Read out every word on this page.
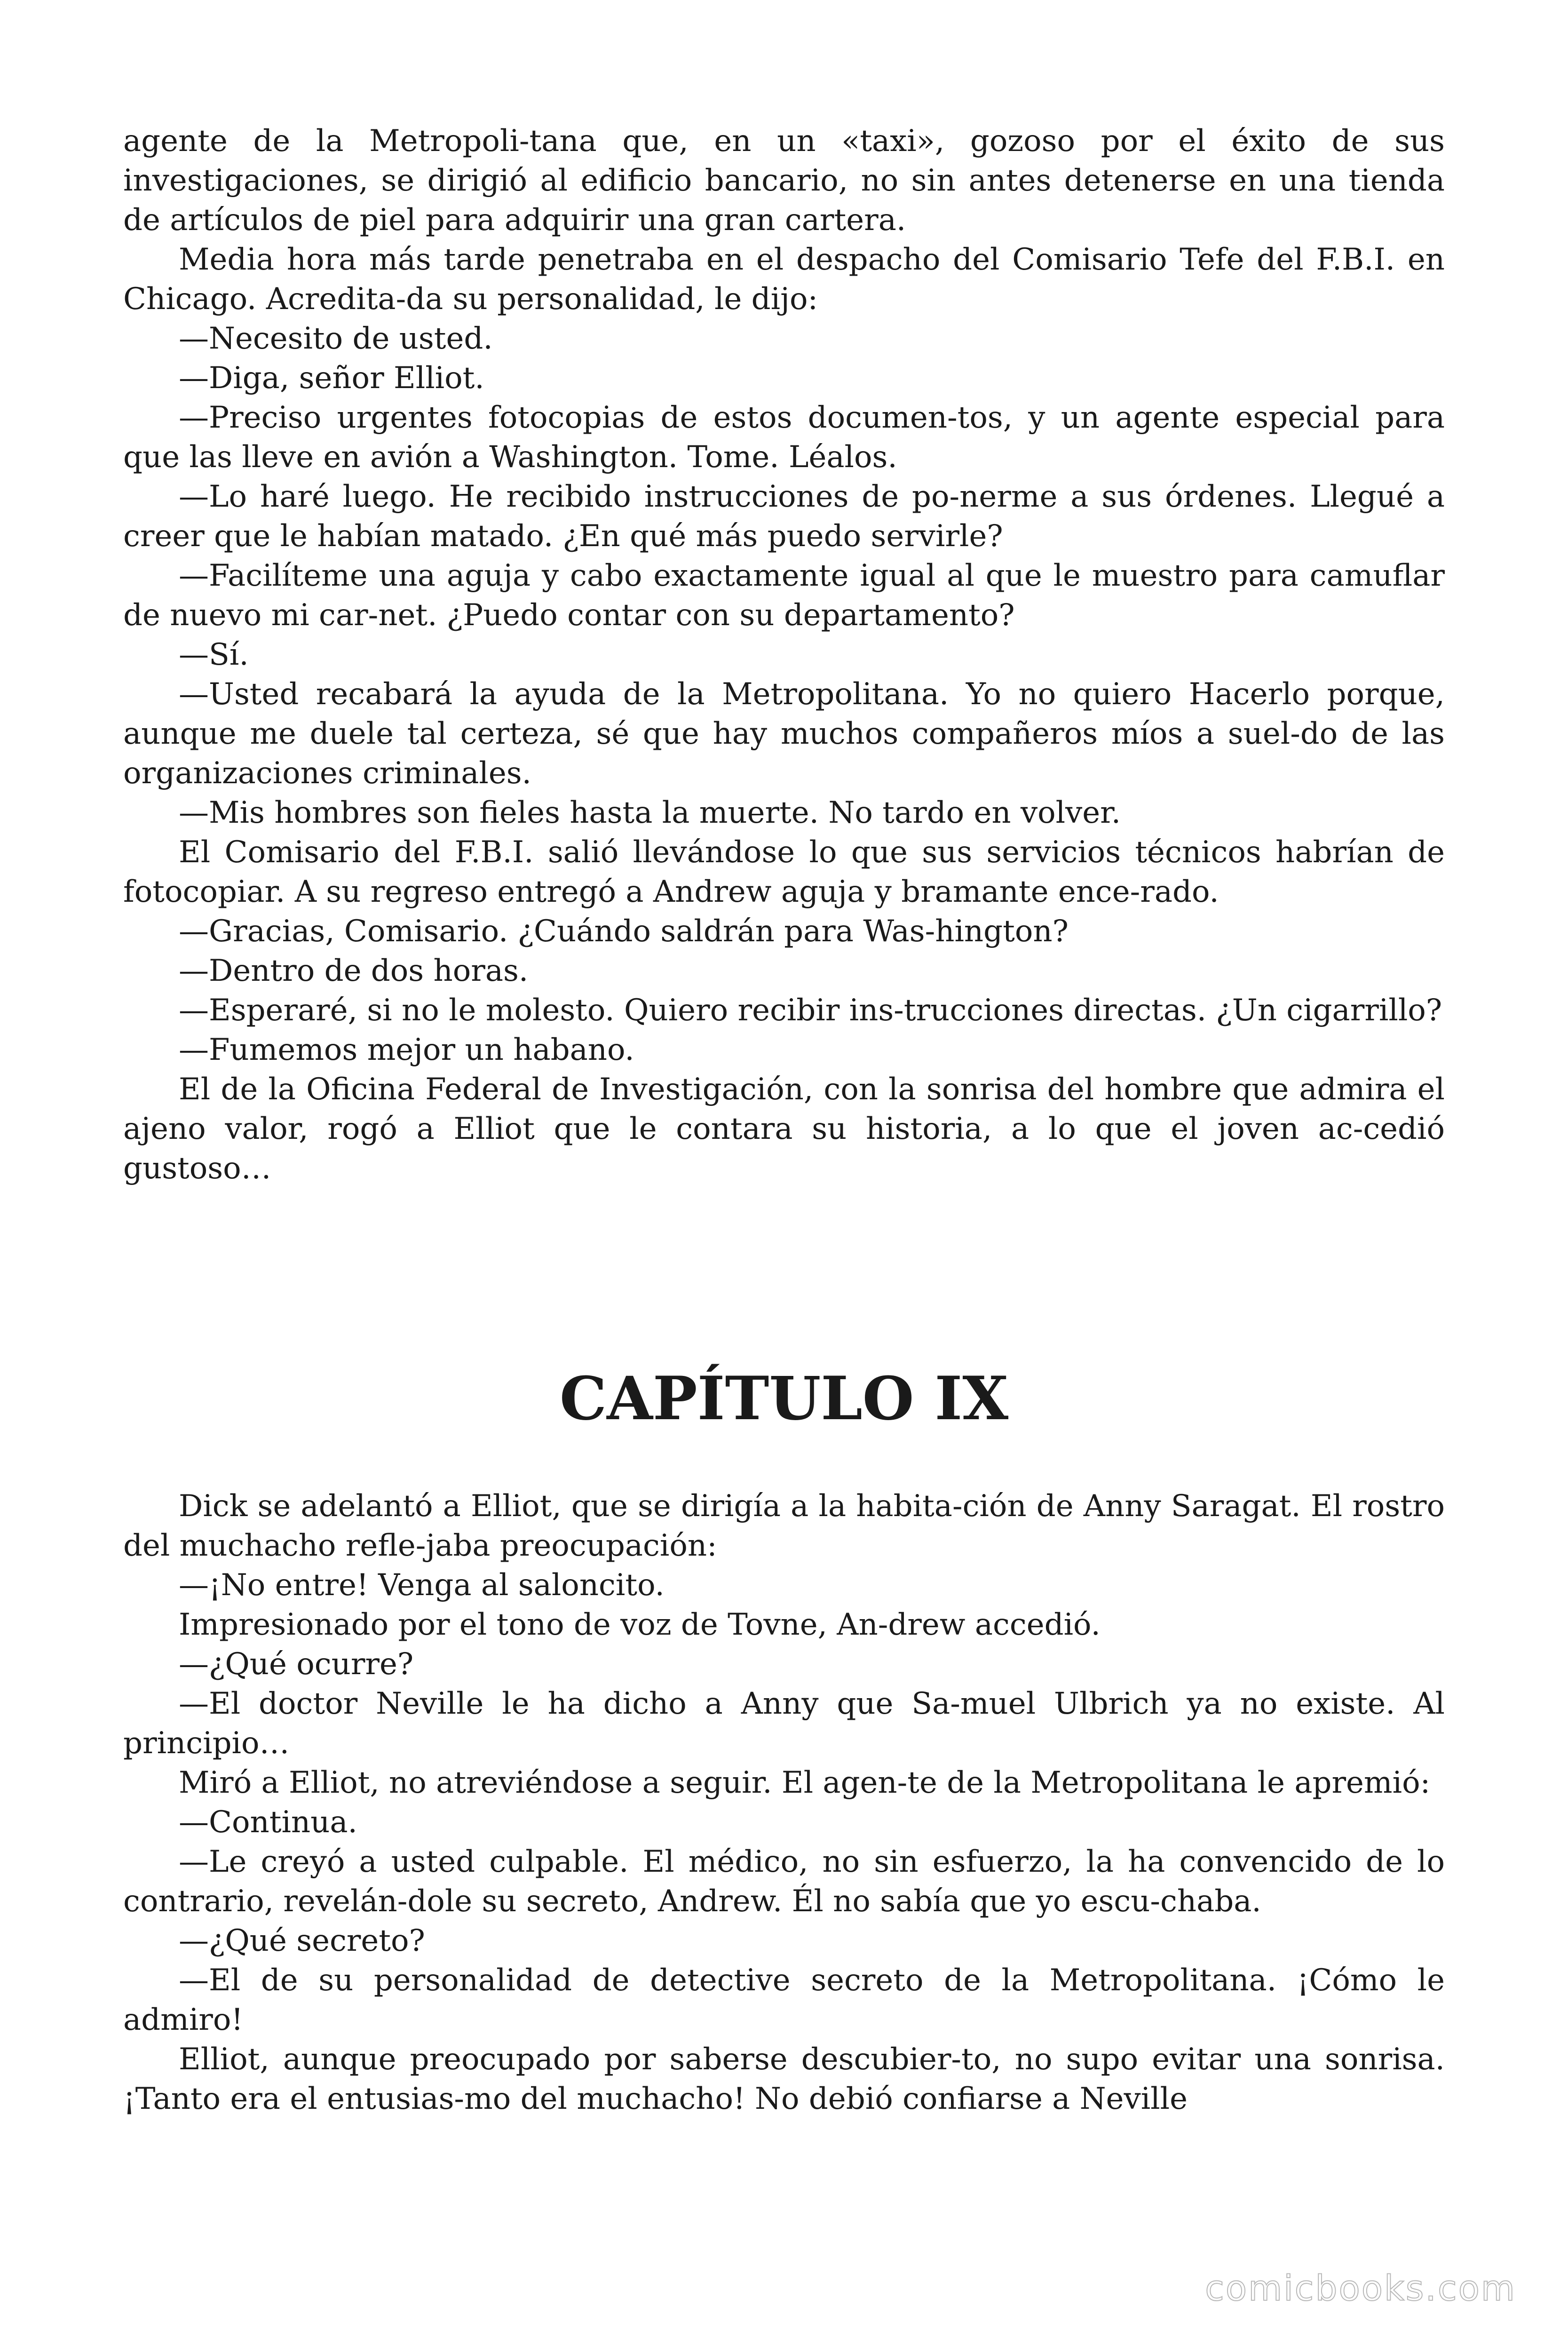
agente de la Metropoli-tana que, en un «taxi», gozoso por el éxito de sus investigaciones, se dirigió al edificio bancario, no sin antes detenerse en una tienda de artículos de piel para adquirir una gran cartera.

Media hora más tarde penetraba en el despacho del Comisario Tefe del F.B.I. en Chicago. Acredita-da su personalidad, le dijo:

—Necesito de usted.

—Diga, señor Elliot.

—Preciso urgentes fotocopias de estos documen-tos, y un agente especial para que las lleve en avión a Washington. Tome. Léalos.

—Lo haré luego. He recibido instrucciones de po-nerme a sus órdenes. Llegué a creer que le habían matado. ¿En qué más puedo servirle?

—Facilíteme una aguja y cabo exactamente igual al que le muestro para camuflar de nuevo mi car-net. ¿Puedo contar con su departamento?

—Sí.

—Usted recabará la ayuda de la Metropolitana. Yo no quiero Hacerlo porque, aunque me duele tal certeza, sé que hay muchos compañeros míos a suel-do de las organizaciones criminales.

—Mis hombres son fieles hasta la muerte. No tardo en volver.

El Comisario del F.B.I. salió llevándose lo que sus servicios técnicos habrían de fotocopiar. A su regreso entregó a Andrew aguja y bramante ence-rado.

—Gracias, Comisario. ¿Cuándo saldrán para Was-hington?

—Dentro de dos horas.

—Esperaré, si no le molesto. Quiero recibir ins-trucciones directas. ¿Un cigarrillo?

—Fumemos mejor un habano.

El de la Oficina Federal de Investigación, con la sonrisa del hombre que admira el ajeno valor, rogó a Elliot que le contara su historia, a lo que el joven ac-cedió gustoso…

CAPÍTULO IX

Dick se adelantó a Elliot, que se dirigía a la habita-ción de Anny Saragat. El rostro del muchacho refle-jaba preocupación:

—¡No entre! Venga al saloncito.

Impresionado por el tono de voz de Tovne, An-drew accedió.

—¿Qué ocurre?

—El doctor Neville le ha dicho a Anny que Sa-muel Ulbrich ya no existe. Al principio…

Miró a Elliot, no atreviéndose a seguir. El agen-te de la Metropolitana le apremió:

—Continua.

—Le creyó a usted culpable. El médico, no sin esfuerzo, la ha convencido de lo contrario, revelán-dole su secreto, Andrew. Él no sabía que yo escu-chaba.

—¿Qué secreto?

—El de su personalidad de detective secreto de la Metropolitana. ¡Cómo le admiro!

Elliot, aunque preocupado por saberse descubier-to, no supo evitar una sonrisa. ¡Tanto era el entusias-mo del muchacho! No debió confiarse a Neville

comicbooks.com
